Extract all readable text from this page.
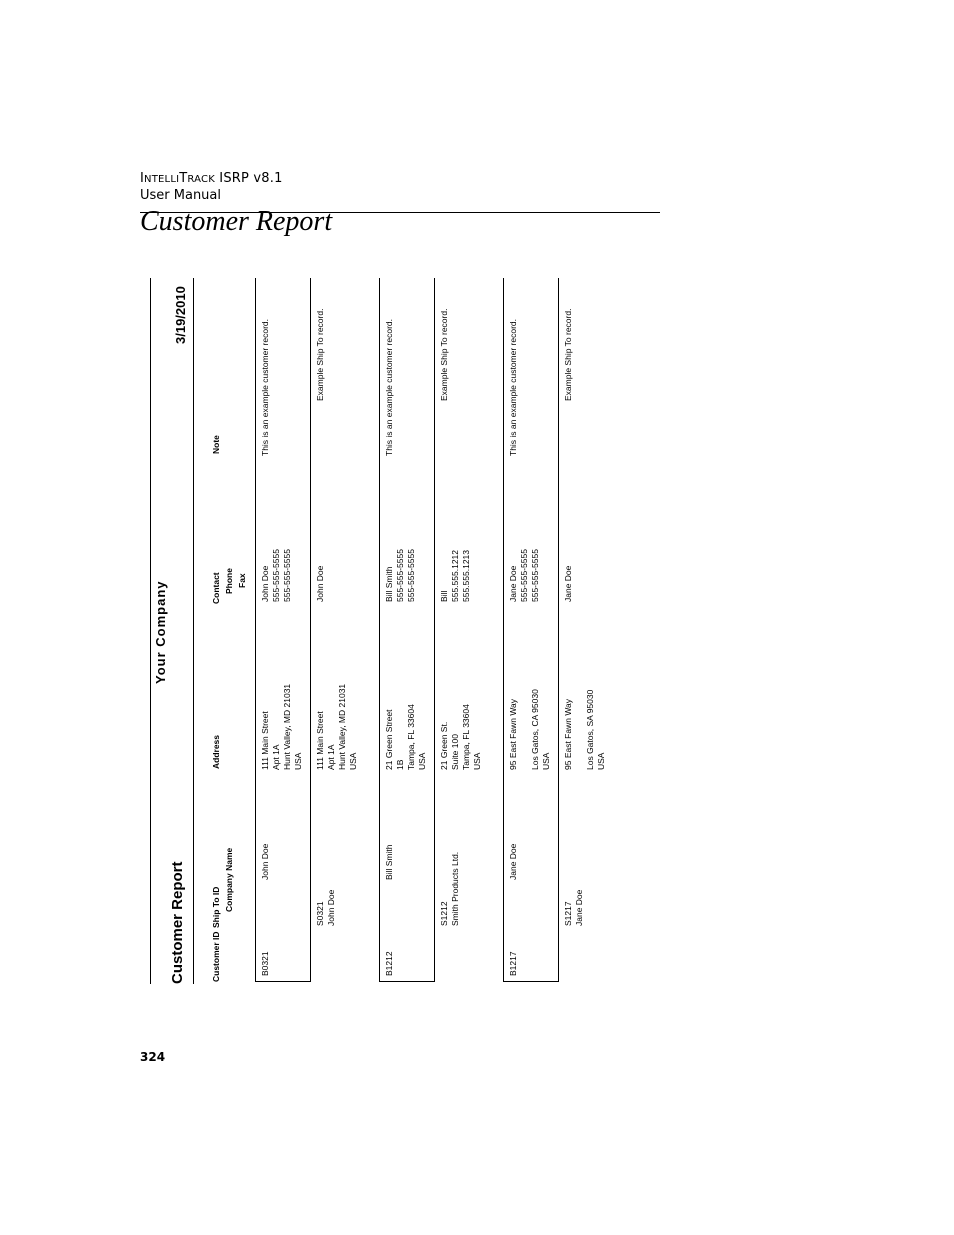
INTELLITRACK ISRP v8.1
User Manual
Customer Report
Your Company
3/19/2010
Customer Report	Customer ID
Ship To ID Company Name
Address
Contact Phone Fax
Note
B0321
John Doe
111 Main Street Apt 1A Hunt Valley, MD 21031 USA
John Doe 555-555-5555 555-555-5555
This is an example customer record.
S0321 John Doe
111 Main Street Apt 1A Hunt Valley, MD 21031 USA
John Doe
Example Ship To record.
B1212
Bill Smith
21 Green Street 1B Tampa, FL 33604 USA
Bill Smith 555-555-5555 555-555-5555
This is an example customer record.
S1212 Smith Products Ltd.
21 Green St. Suite 100 Tampa, FL 33604 USA
Bill 555.555.1212 555.555.1213
Example Ship To record.
B1217
Jane Doe
95 East Fawn Way Los Gatos, CA 95030 USA
Jane Doe 555-555-5555 555-555-5555
This is an example customer record.
S1217 Jane Doe
95 East Fawn Way Los Gatos, SA 95030 USA
Jane Doe
Example Ship To record.
324
